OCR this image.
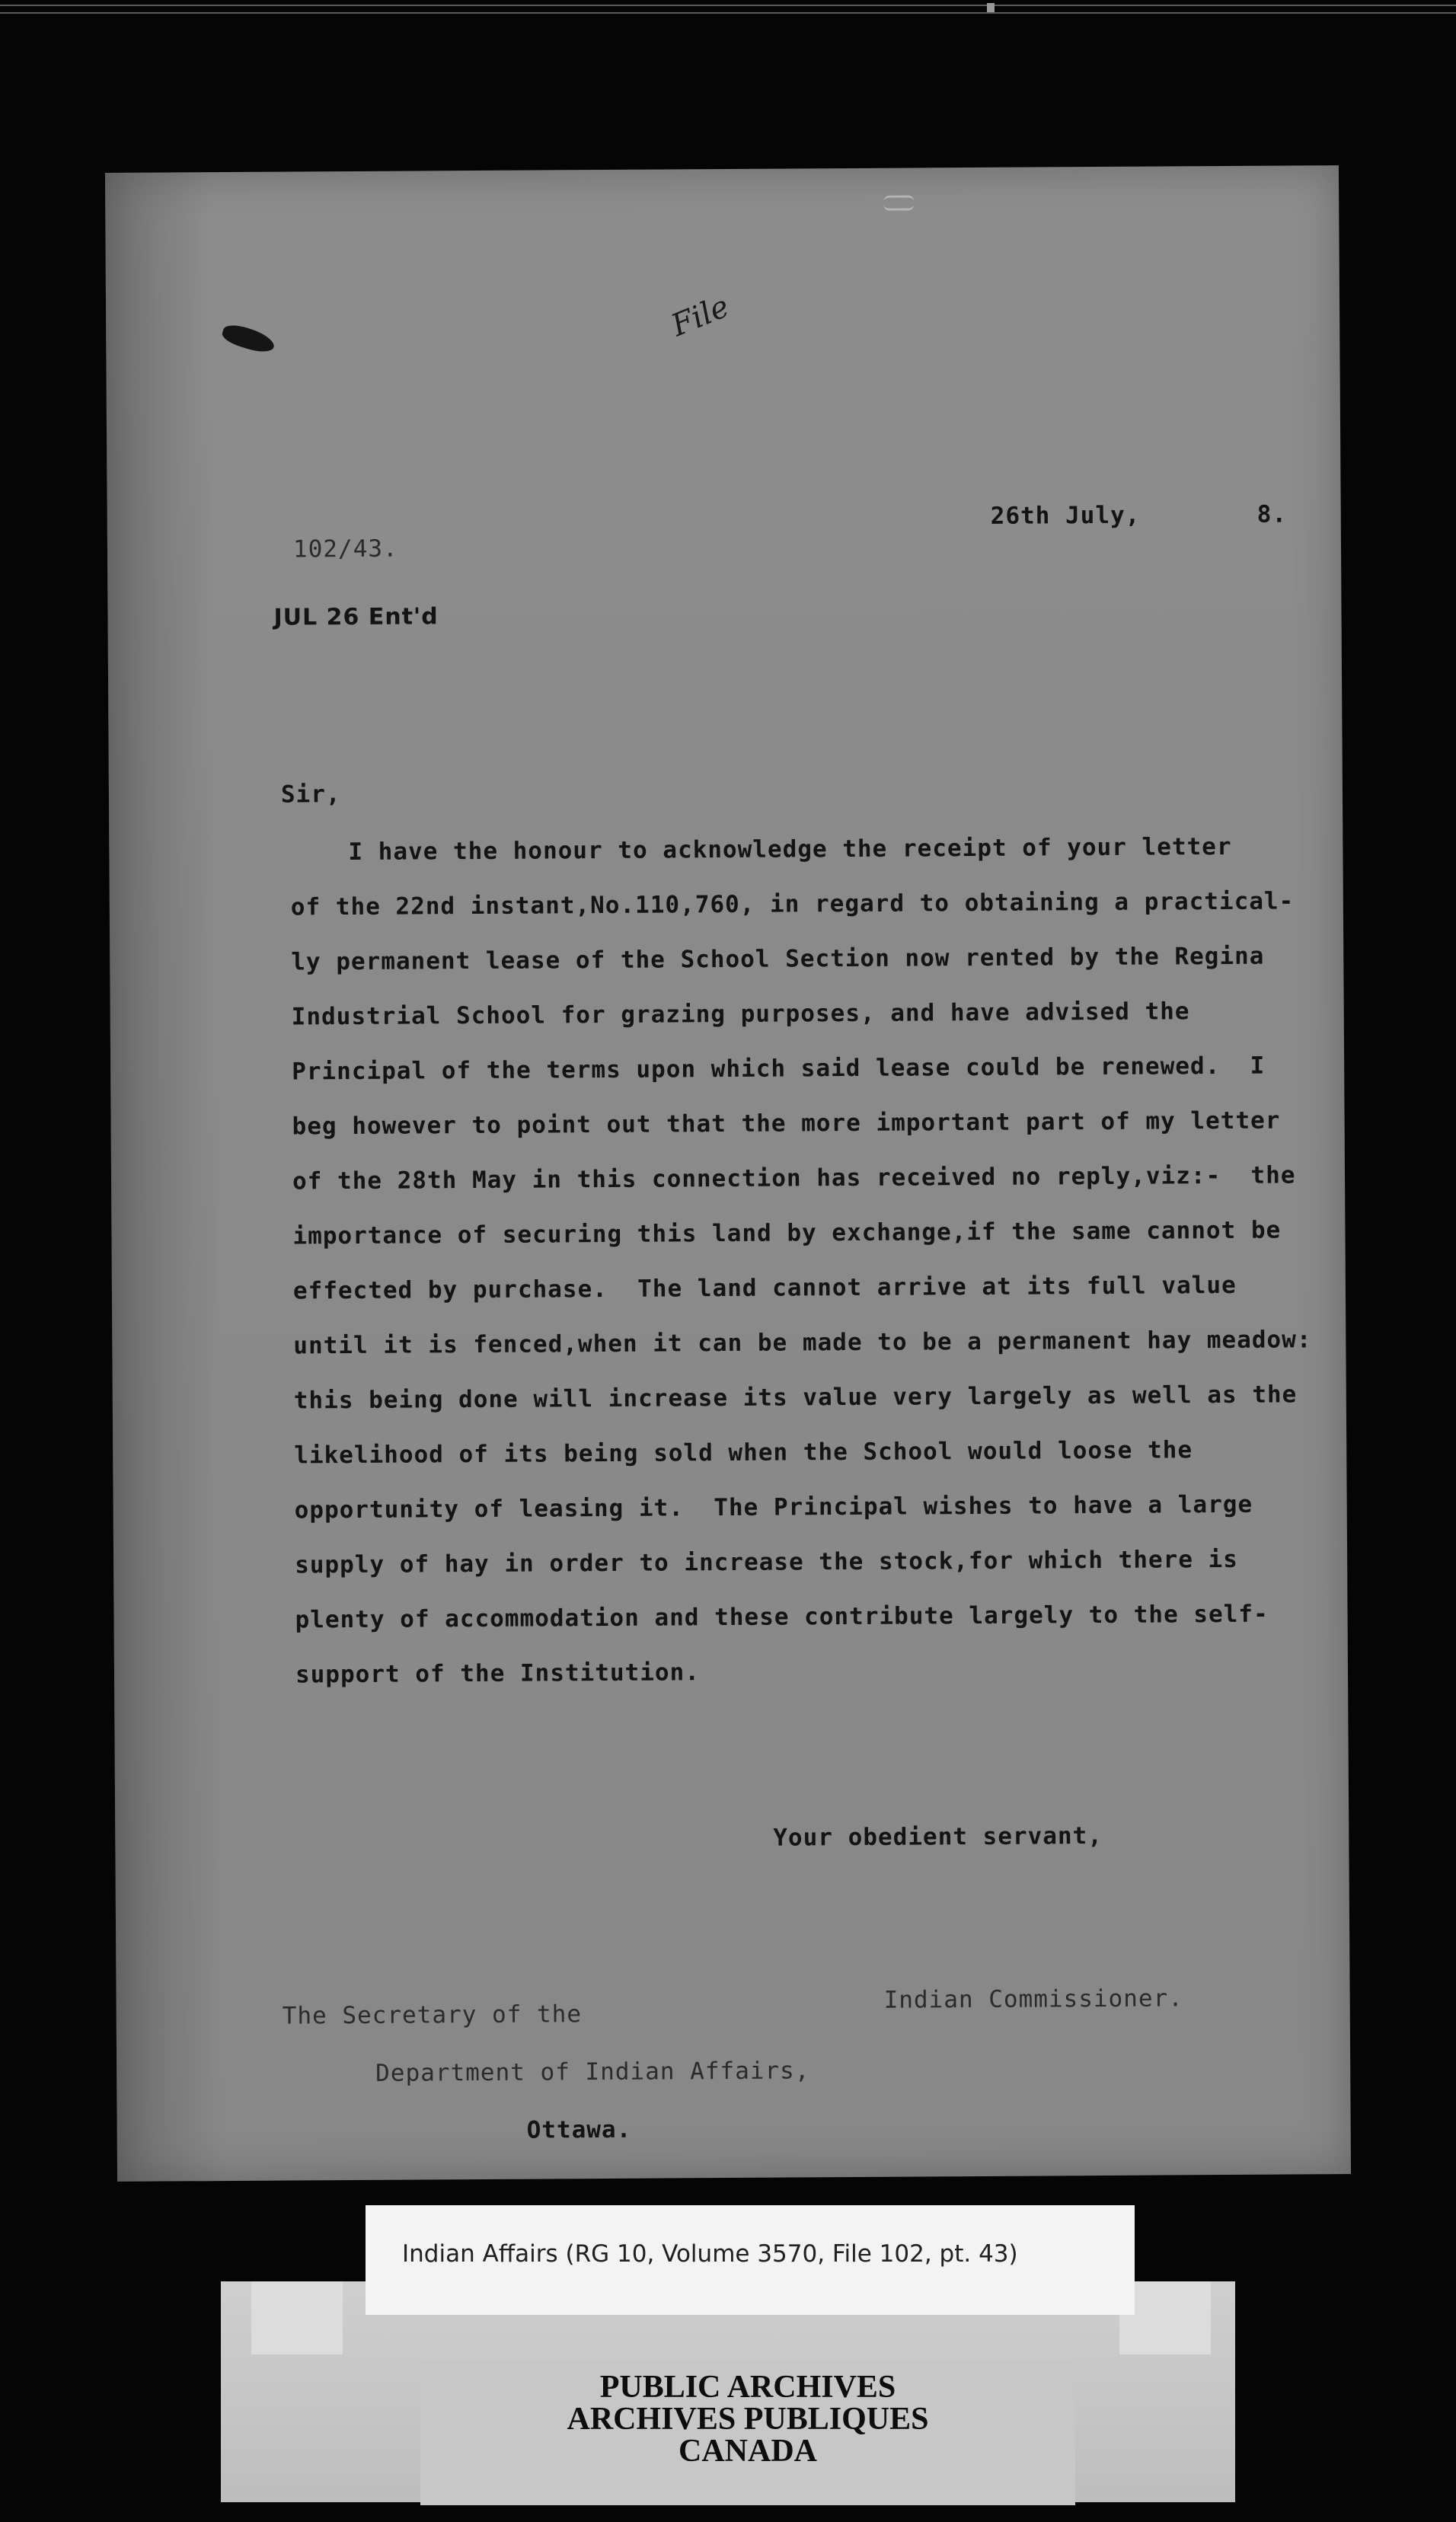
File
102/43.
JUL 26 Ent'd
26th July,	8.
Sir,
I have the honour to acknowledge the receipt of your letter
of the 22nd instant,No.110,760, in regard to obtaining a practical-
ly permanent lease of the School Section now rented by the Regina
Industrial School for grazing purposes, and have advised the
Principal of the terms upon which said lease could be renewed.  I
beg however to point out that the more important part of my letter
of the 28th May in this connection has received no reply,viz:-  the
importance of securing this land by exchange,if the same cannot be
effected by purchase.  The land cannot arrive at its full value
until it is fenced,when it can be made to be a permanent hay meadow:
this being done will increase its value very largely as well as the
likelihood of its being sold when the School would loose the
opportunity of leasing it.  The Principal wishes to have a large
supply of hay in order to increase the stock,for which there is
plenty of accommodation and these contribute largely to the self-
support of the Institution.
Your obedient servant,
Indian Commissioner.
The Secretary of the
Department of Indian Affairs,
Ottawa.
PUBLIC ARCHIVES
ARCHIVES PUBLIQUES
CANADA
Indian Affairs (RG 10, Volume 3570, File 102, pt. 43)
